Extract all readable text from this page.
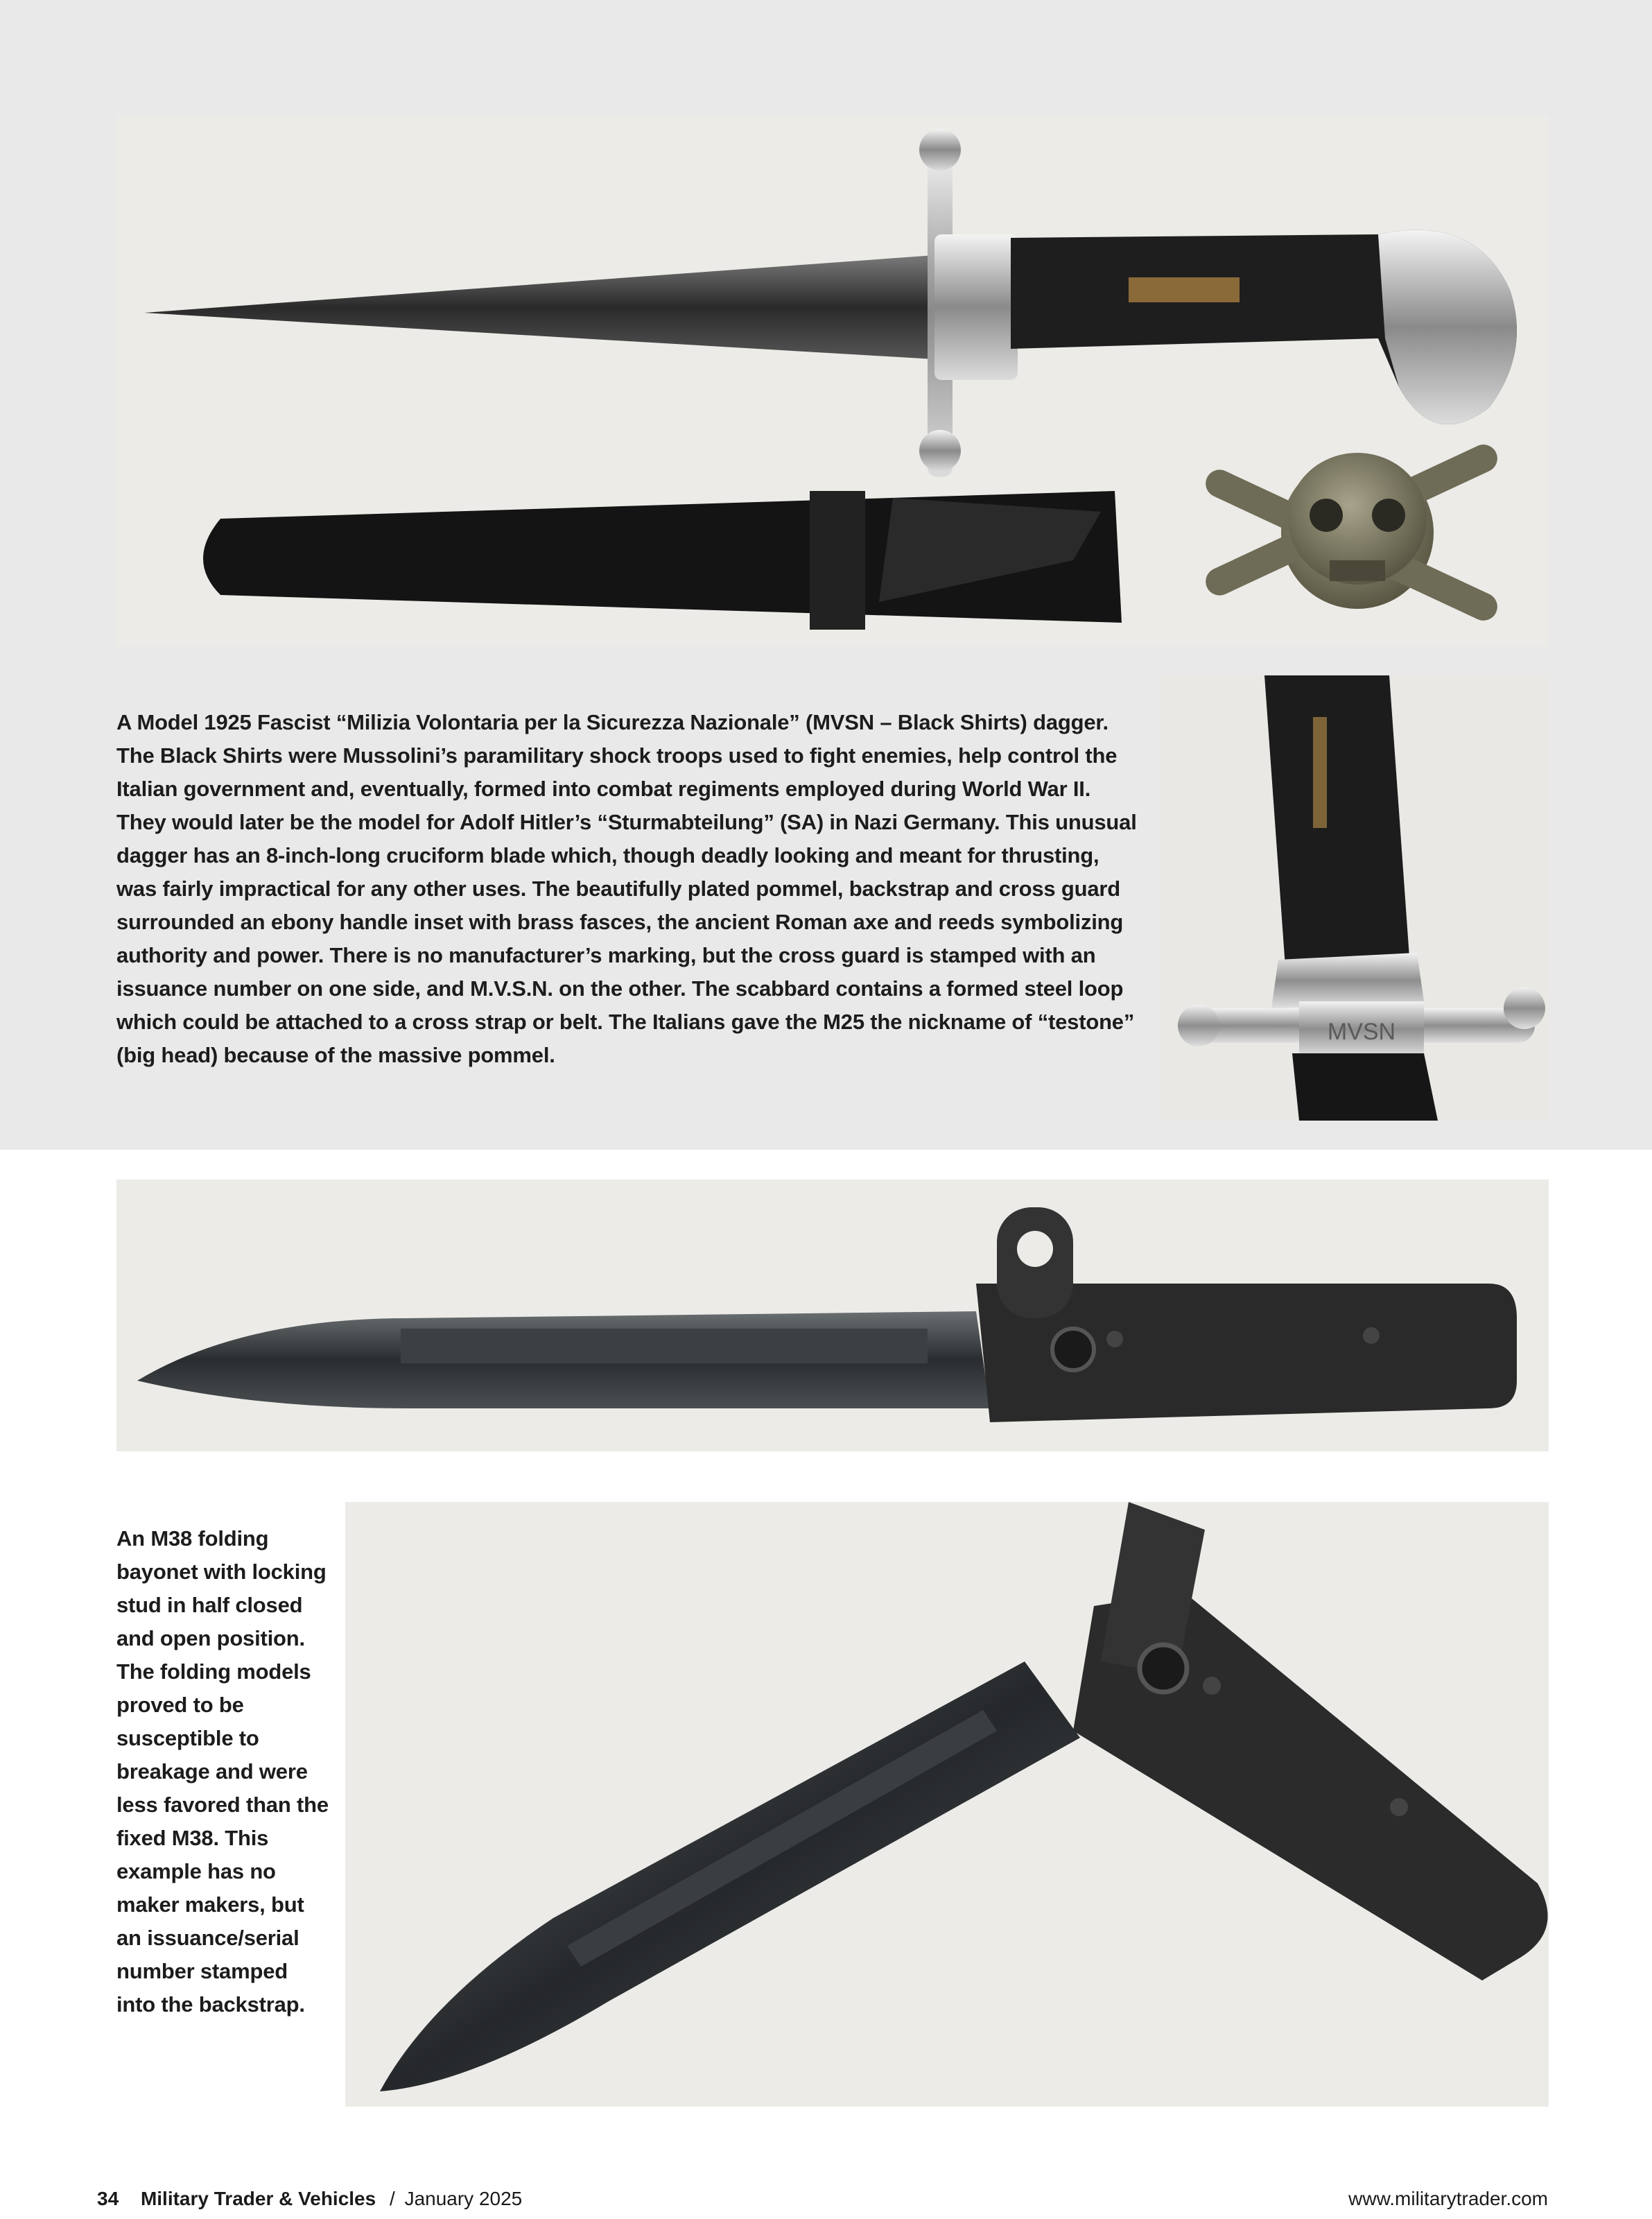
A Model 1925 Fascist “Milizia Volontaria per la Sicurezza Nazionale” (MVSN – Black Shirts) dagger. The Black Shirts were Mussolini’s paramilitary shock troops used to fight enemies, help control the Italian government and, eventually, formed into combat regiments employed during World War II. They would later be the model for Adolf Hitler’s “Sturmabteilung” (SA) in Nazi Germany. This unusual dagger has an 8-inch-long cruciform blade which, though deadly looking and meant for thrusting, was fairly impractical for any other uses. The beautifully plated pommel, backstrap and cross guard surrounded an ebony handle inset with brass fasces, the ancient Roman axe and reeds symbolizing authority and power. There is no manufacturer’s marking, but the cross guard is stamped with an issuance number on one side, and M.V.S.N. on the other. The scabbard contains a formed steel loop which could be attached to a cross strap or belt. The Italians gave the M25 the nickname of “testone” (big head) because of the massive pommel.
MVSN
An M38 folding bayonet with locking stud in half closed and open position. The folding models proved to be susceptible to breakage and were less favored than the fixed M38. This example has no maker makers, but an issuance/serial number stamped into the backstrap.
34 Military Trader & Vehicles / January 2025	www.militarytrader.com
